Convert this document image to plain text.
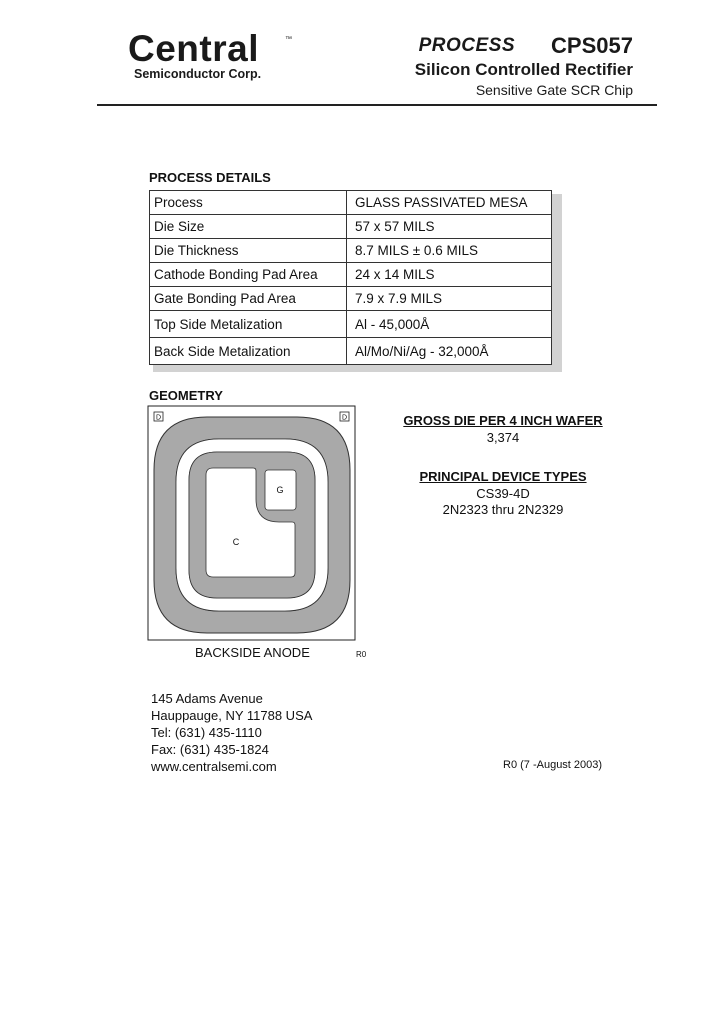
Central	™
Semiconductor Corp.
PROCESS CPS057
Silicon Controlled Rectifier
Sensitive Gate SCR Chip
PROCESS DETAILS
Process	GLASS PASSIVATED MESA
Die Size	57 x 57 MILS
Die Thickness	8.7 MILS ± 0.6 MILS
Cathode Bonding Pad Area	24 x 14 MILS
Gate Bonding Pad Area	7.9 x 7.9 MILS
Top Side Metalization	Al - 45,000Å
Back Side Metalization	Al/Mo/Ni/Ag - 32,000Å
GEOMETRY
D	D
G
C
BACKSIDE ANODE	R0
GROSS DIE PER 4 INCH WAFER
3,374
PRINCIPAL DEVICE TYPES
CS39-4D
2N2323 thru 2N2329
145 Adams Avenue
Hauppauge, NY 11788 USA
Tel: (631) 435-1110
Fax: (631) 435-1824
www.centralsemi.com	R0 (7 -August 2003)
